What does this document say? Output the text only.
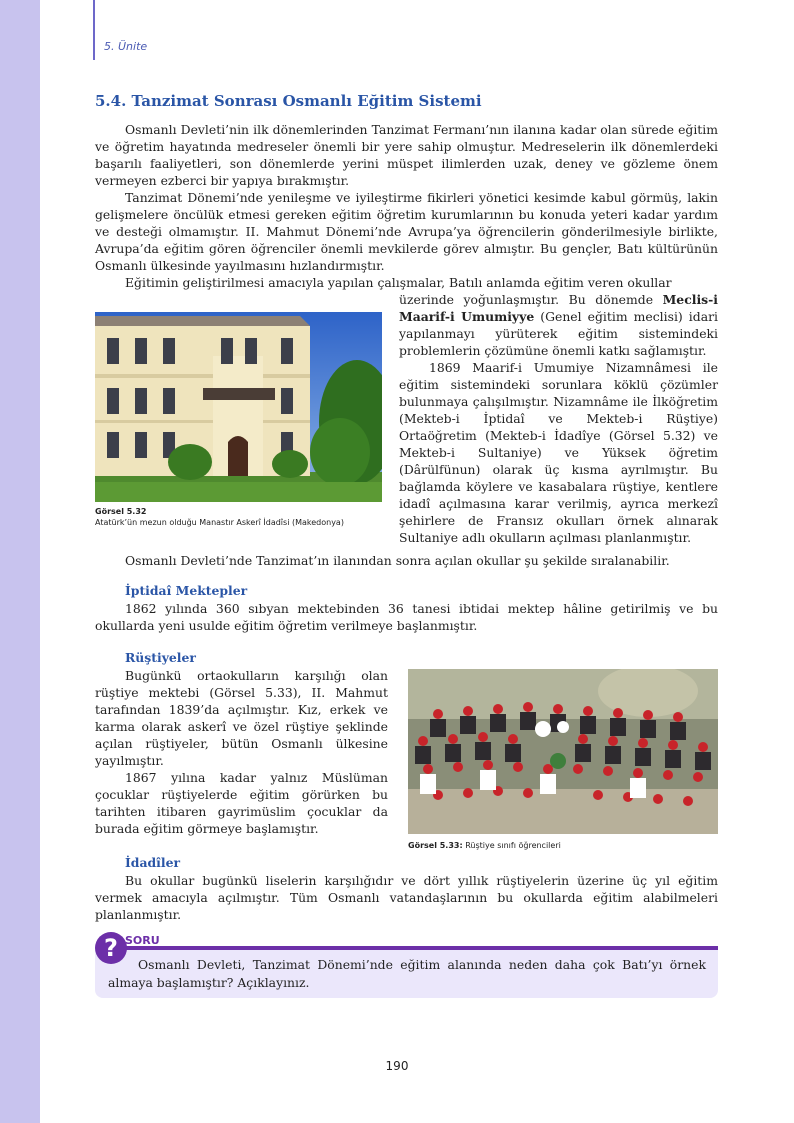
5. Ünite
5.4. Tanzimat Sonrası Osmanlı Eğitim Sistemi

Osmanlı Devleti’nin ilk dönemlerinden Tanzimat Fermanı’nın ilanına kadar olan sürede eğitim ve öğretim hayatında medreseler önemli bir yere sahip olmuştur. Medreselerin ilk dönemlerdeki başarılı faaliyetleri, son dönemlerde yerini müspet ilimlerden uzak, deney ve gözleme önem vermeyen ezberci bir yapıya bırakmıştır.

Tanzimat Dönemi’nde yenileşme ve iyileştirme fikirleri yönetici kesimde kabul görmüş, lakin gelişmelere öncülük etmesi gereken eğitim öğretim kurumlarının bu konuda yeteri kadar yardım ve desteği olmamıştır. II. Mahmut Dönemi’nde Avrupa’ya öğrencilerin gönderilmesiyle birlikte, Avrupa’da eğitim gören öğrenciler önemli mevkilerde görev almıştır. Bu gençler, Batı kültürünün Osmanlı ülkesinde yayılmasını hızlandırmıştır.

Eğitimin geliştirilmesi amacıyla yapılan çalışmalar, Batılı anlamda eğitim veren okullar

üzerinde yoğunlaşmıştır. Bu dönemde Meclis-i Maarif-i Umumiyye (Genel eğitim meclisi) idari yapılanmayı yürüterek eğitim sistemindeki problemlerin çözümüne önemli katkı sağlamıştır.

1869 Maarif-i Umumiye Nizamnâmesi ile eğitim sistemindeki sorunlara köklü çözümler bulunmaya çalışılmıştır. Nizamnâme ile İlköğretim (Mekteb-i İptidaî ve Mekteb-i Rüştiye) Ortaöğretim (Mekteb-i İdadîye (Görsel 5.32) ve Mekteb-i Sultaniye) ve Yüksek öğretim (Dârülfünun) olarak üç kısma ayrılmıştır. Bu bağlamda köylere ve kasabalara rüştiye, kentlere idadî açılmasına karar verilmiş, ayrıca merkezî şehirlere de Fransız okulları örnek alınarak Sultaniye adlı okulların açılması planlanmıştır.

Görsel 5.32
Atatürk’ün mezun olduğu Manastır Askerî İdadîsi (Makedonya)

Osmanlı Devleti’nde Tanzimat’ın ilanından sonra açılan okullar şu şekilde sıralanabilir.

İptidaî Mektepler

1862 yılında 360 sıbyan mektebinden 36 tanesi ibtidai mektep hâline getirilmiş ve bu okullarda yeni usulde eğitim öğretim verilmeye başlanmıştır.

Rüştiyeler

Bugünkü ortaokulların karşılığı olan rüştiye mektebi (Görsel 5.33), II. Mahmut tarafından 1839’da açılmıştır. Kız, erkek ve karma olarak askerî ve özel rüştiye şeklinde açılan rüştiyeler, bütün Osmanlı ülkesine yayılmıştır.

1867 yılına kadar yalnız Müslüman çocuklar rüştiyelerde eğitim görürken bu tarihten itibaren gayrimüslim çocuklar da burada eğitim görmeye başlamıştır.

Görsel 5.33: Rüştiye sınıfı öğrencileri

İdadîler

Bu okullar bugünkü liselerin karşılığıdır ve dört yıllık rüştiyelerin üzerine üç yıl eğitim vermek amacıyla açılmıştır. Tüm Osmanlı vatandaşlarının bu okullarda eğitim alabilmeleri planlanmıştır.

? SORU

Osmanlı Devleti, Tanzimat Dönemi’nde eğitim alanında neden daha çok Batı’yı örnek almaya başlamıştır? Açıklayınız.

190
